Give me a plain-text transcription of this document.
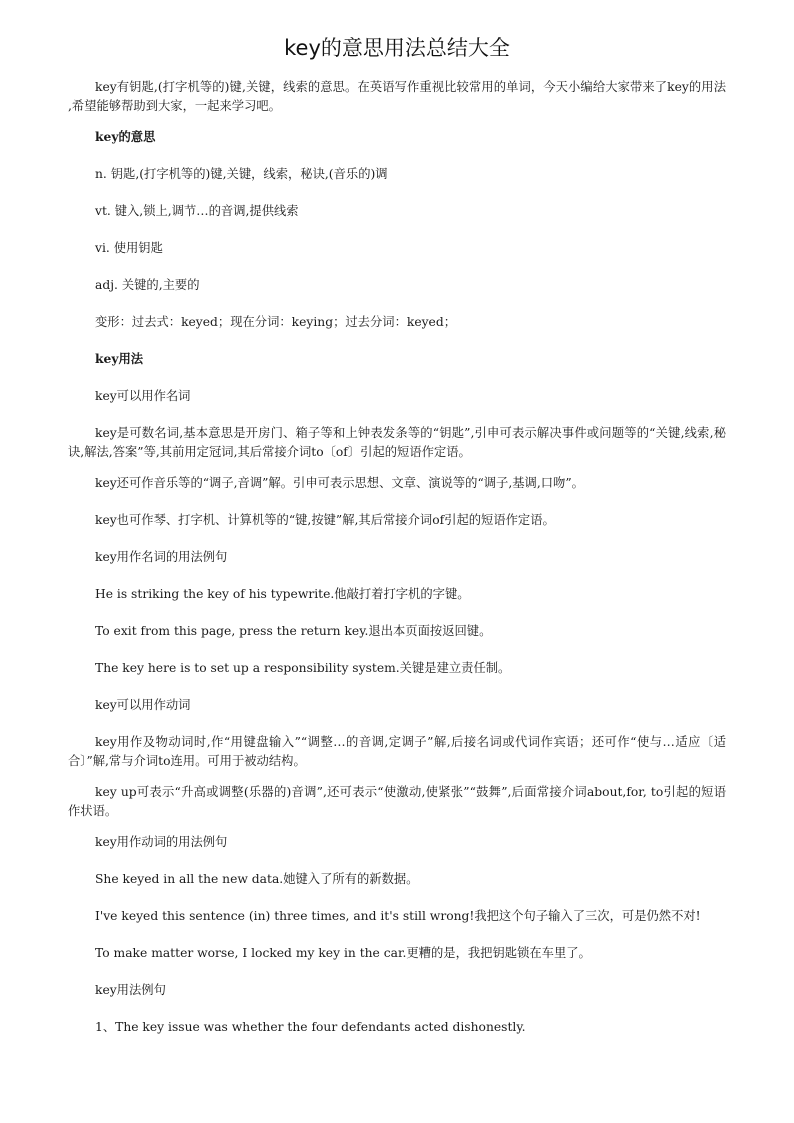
key的意思用法总结大全

key有钥匙,(打字机等的)键,关键，线索的意思。在英语写作重视比较常用的单词，今天小编给大家带来了key的用法 ,希望能够帮助到大家，一起来学习吧。

key的意思

n. 钥匙,(打字机等的)键,关键，线索，秘诀,(音乐的)调

vt. 键入,锁上,调节…的音调,提供线索

vi. 使用钥匙

adj. 关键的,主要的

变形：过去式：keyed；现在分词：keying；过去分词：keyed；

key用法

key可以用作名词

key是可数名词,基本意思是开房门、箱子等和上钟表发条等的“钥匙”,引申可表示解决事件或问题等的“关键,线索,秘诀,解法,答案”等,其前用定冠词,其后常接介词to〔of〕引起的短语作定语。

key还可作音乐等的“调子,音调”解。引申可表示思想、文章、演说等的“调子,基调,口吻”。

key也可作琴、打字机、计算机等的“键,按键”解,其后常接介词of引起的短语作定语。

key用作名词的用法例句

He is striking the key of his typewrite.他敲打着打字机的字键。

To exit from this page, press the return key.退出本页面按返回键。

The key here is to set up a responsibility system.关键是建立责任制。

key可以用作动词

key用作及物动词时,作“用键盘输入”“调整…的音调,定调子”解,后接名词或代词作宾语；还可作“使与…适应〔适合〕”解,常与介词to连用。可用于被动结构。

key up可表示“升高或调整(乐器的)音调”,还可表示“使激动,使紧张”“鼓舞”,后面常接介词about,for, to引起的短语作状语。

key用作动词的用法例句

She keyed in all the new data.她键入了所有的新数据。

I've keyed this sentence (in) three times, and it's still wrong!我把这个句子输入了三次，可是仍然不对!

To make matter worse, I locked my key in the car.更糟的是，我把钥匙锁在车里了。

key用法例句

1、The key issue was whether the four defendants acted dishonestly.
